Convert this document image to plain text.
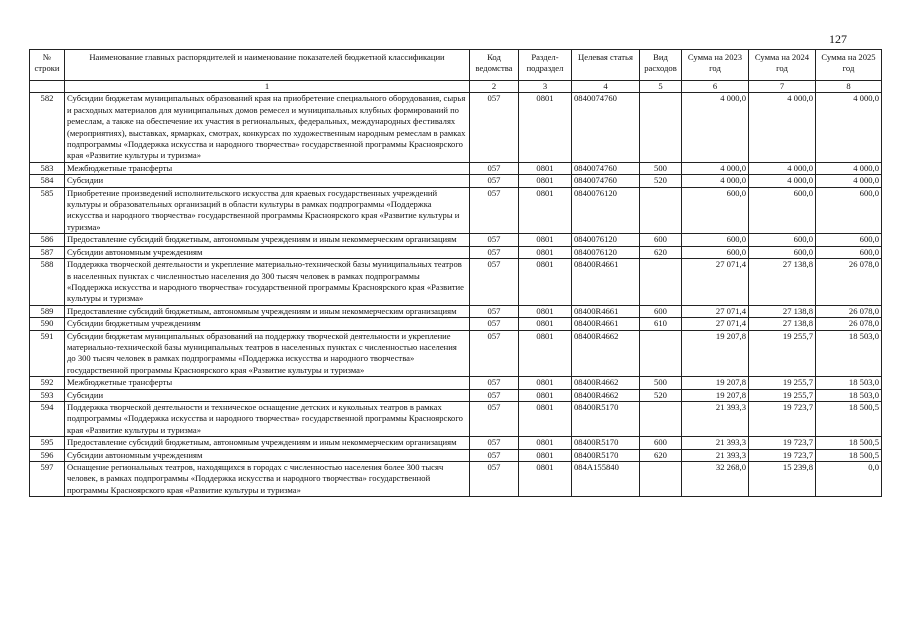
127
№ строки	Наименование главных распорядителей и наименование показателей бюджетной классификации	Код ведомства	Раздел-подраздел	Целевая статья	Вид расходов	Сумма на 2023 год	Сумма на 2024 год	Сумма на 2025 год
	1	2	3	4	5	6	7	8
582	Субсидии бюджетам муниципальных образований края на приобретение специального оборудования, сырья и расходных материалов для муниципальных домов ремесел и муниципальных клубных формирований по ремеслам, а также на обеспечение их участия в региональных, федеральных, международных фестивалях (мероприятиях), выставках, ярмарках, смотрах, конкурсах по художественным народным ремеслам в рамках подпрограммы «Поддержка искусства и народного творчества» государственной программы Красноярского края «Развитие культуры и туризма»	057	0801	0840074760		4 000,0	4 000,0	4 000,0
583	Межбюджетные трансферты	057	0801	0840074760	500	4 000,0	4 000,0	4 000,0
584	Субсидии	057	0801	0840074760	520	4 000,0	4 000,0	4 000,0
585	Приобретение произведений исполнительского искусства для краевых государственных учреждений культуры и образовательных организаций в области культуры в рамках подпрограммы «Поддержка искусства и народного творчества» государственной программы Красноярского края «Развитие культуры и туризма»	057	0801	0840076120		600,0	600,0	600,0
586	Предоставление субсидий бюджетным, автономным учреждениям и иным некоммерческим организациям	057	0801	0840076120	600	600,0	600,0	600,0
587	Субсидии автономным учреждениям	057	0801	0840076120	620	600,0	600,0	600,0
588	Поддержка творческой деятельности и укрепление материально-технической базы муниципальных театров в населенных пунктах с численностью населения до 300 тысяч человек в рамках подпрограммы «Поддержка искусства и народного творчества» государственной программы Красноярского края «Развитие культуры и туризма»	057	0801	08400R4661		27 071,4	27 138,8	26 078,0
589	Предоставление субсидий бюджетным, автономным учреждениям и иным некоммерческим организациям	057	0801	08400R4661	600	27 071,4	27 138,8	26 078,0
590	Субсидии бюджетным учреждениям	057	0801	08400R4661	610	27 071,4	27 138,8	26 078,0
591	Субсидии бюджетам муниципальных образований на поддержку творческой деятельности и укрепление материально-технической базы муниципальных театров в населенных пунктах с численностью населения до 300 тысяч человек в рамках подпрограммы «Поддержка искусства и народного творчества» государственной программы Красноярского края «Развитие культуры и туризма»	057	0801	08400R4662		19 207,8	19 255,7	18 503,0
592	Межбюджетные трансферты	057	0801	08400R4662	500	19 207,8	19 255,7	18 503,0
593	Субсидии	057	0801	08400R4662	520	19 207,8	19 255,7	18 503,0
594	Поддержка творческой деятельности и техническое оснащение детских и кукольных театров в рамках подпрограммы «Поддержка искусства и народного творчества» государственной программы Красноярского края «Развитие культуры и туризма»	057	0801	08400R5170		21 393,3	19 723,7	18 500,5
595	Предоставление субсидий бюджетным, автономным учреждениям и иным некоммерческим организациям	057	0801	08400R5170	600	21 393,3	19 723,7	18 500,5
596	Субсидии автономным учреждениям	057	0801	08400R5170	620	21 393,3	19 723,7	18 500,5
597	Оснащение региональных театров, находящихся в городах с численностью населения более 300 тысяч человек, в рамках подпрограммы «Поддержка искусства и народного творчества» государственной программы Красноярского края «Развитие культуры и туризма»	057	0801	084A155840		32 268,0	15 239,8	0,0
